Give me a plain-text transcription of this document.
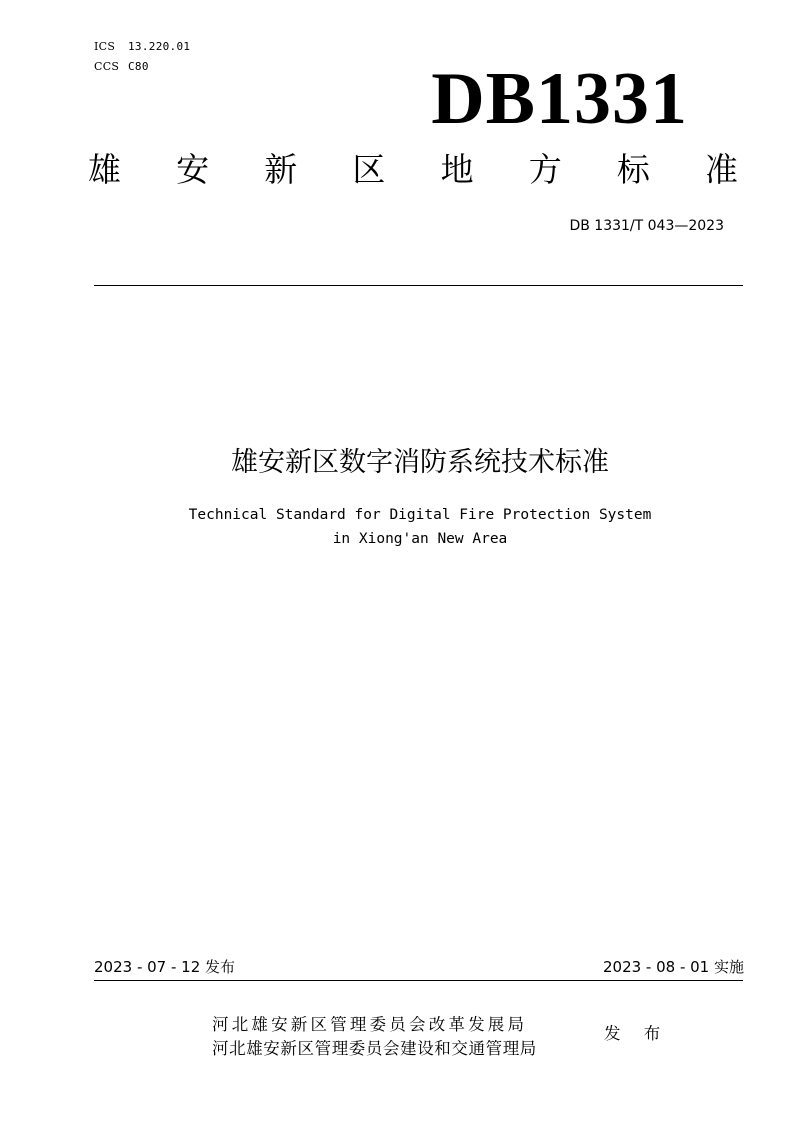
ICS 13.220.01
CCS C80	DB1331
雄 安 新 区 地 方 标 准
DB 1331/T 043—2023
雄安新区数字消防系统技术标准
Technical Standard for Digital Fire Protection System
in Xiong'an New Area
2023 - 07 - 12 发布	2023 - 08 - 01 实施
河北雄安新区管理委员会改革发展局
河北雄安新区管理委员会建设和交通管理局
发 布
